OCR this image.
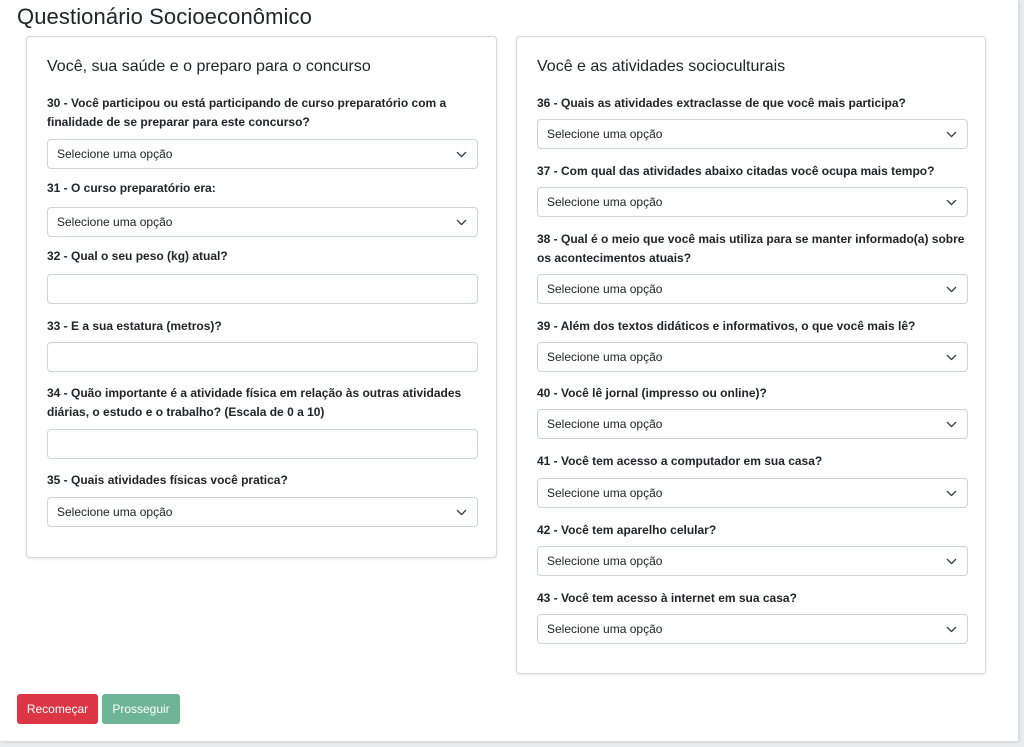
Questionário Socioeconômico
Você, sua saúde e o preparo para o concurso
30 - Você participou ou está participando de curso preparatório com a finalidade de se preparar para este concurso?
Selecione uma opção
31 - O curso preparatório era:
Selecione uma opção
32 - Qual o seu peso (kg) atual?
33 - E a sua estatura (metros)?
34 - Quão importante é a atividade física em relação às outras atividades diárias, o estudo e o trabalho? (Escala de 0 a 10)
35 - Quais atividades físicas você pratica?
Selecione uma opção
Você e as atividades socioculturais
36 - Quais as atividades extraclasse de que você mais participa?
Selecione uma opção
37 - Com qual das atividades abaixo citadas você ocupa mais tempo?
Selecione uma opção
38 - Qual é o meio que você mais utiliza para se manter informado(a) sobre os acontecimentos atuais?
Selecione uma opção
39 - Além dos textos didáticos e informativos, o que você mais lê?
Selecione uma opção
40 - Você lê jornal (impresso ou online)?
Selecione uma opção
41 - Você tem acesso a computador em sua casa?
Selecione uma opção
42 - Você tem aparelho celular?
Selecione uma opção
43 - Você tem acesso à internet em sua casa?
Selecione uma opção
Recomeçar	Prosseguir
